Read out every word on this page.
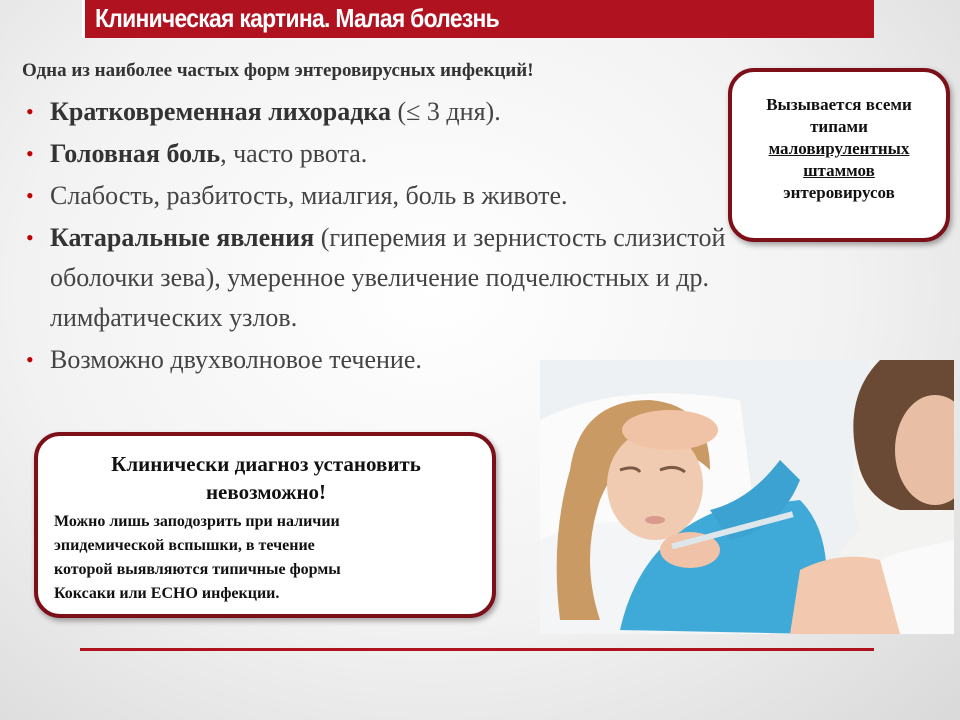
Клиническая картина. Малая болезнь
Одна из наиболее частых форм энтеровирусных инфекций!
• Кратковременная лихорадка (≤ 3 дня).
• Головная боль, часто рвота.
• Слабость, разбитость, миалгия, боль в животе.
• Катаральные явления (гиперемия и зернистость слизистой оболочки зева), умеренное увеличение подчелюстных и др. лимфатических узлов.
• Возможно двухволновое течение.
Вызывается всеми
типами
маловирулентных
штаммов
энтеровирусов
Клинически диагноз установить
невозможно!
Можно лишь заподозрить при наличии
эпидемической вспышки, в течение
которой выявляются типичные формы
Коксаки или ЕСНО инфекции.
